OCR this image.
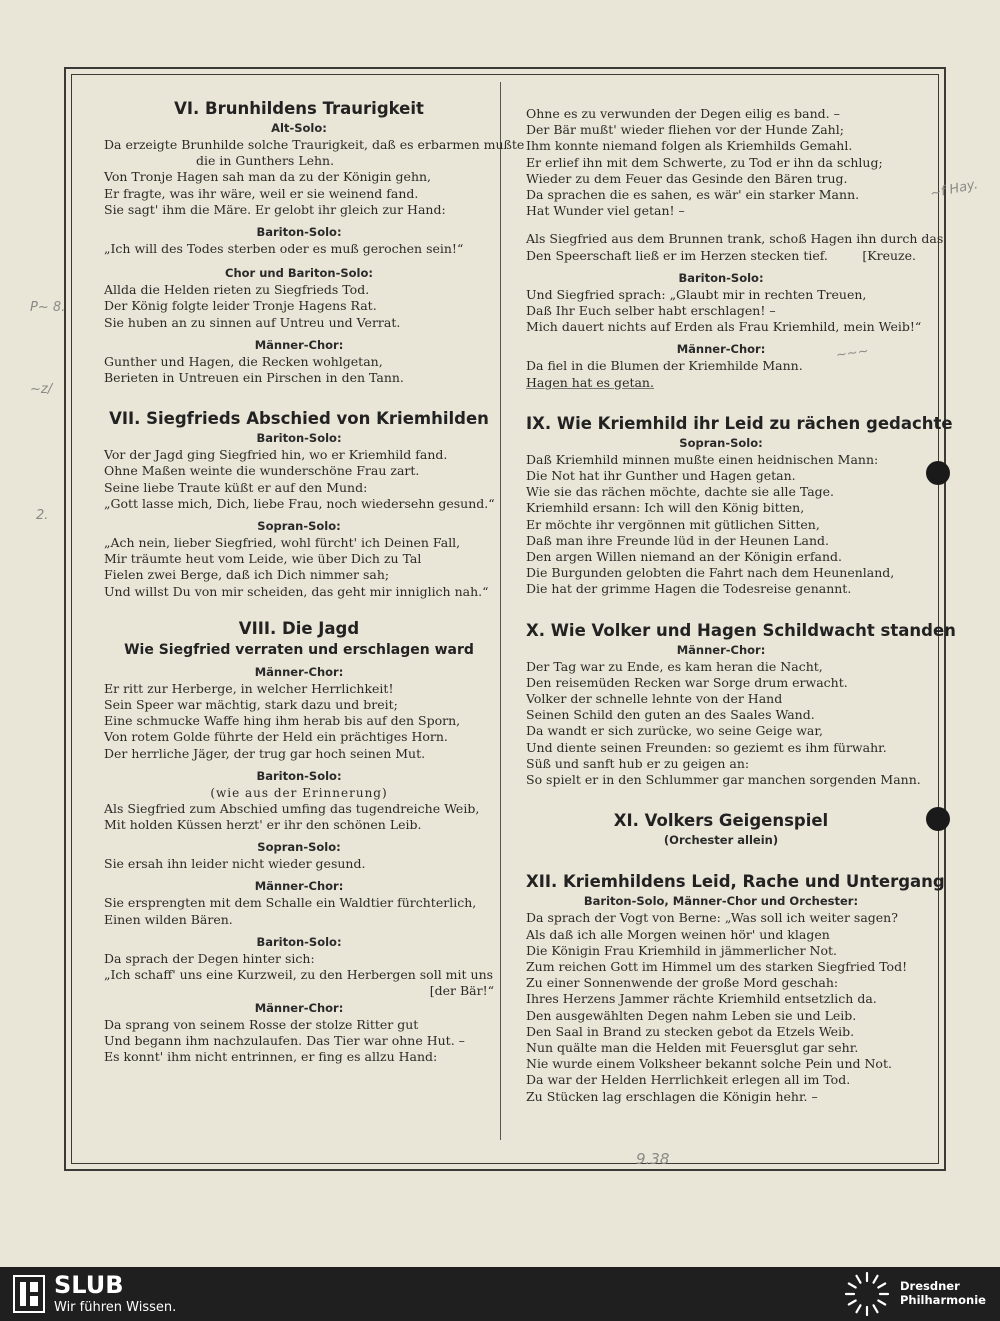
P~ 8.
~z/
2.
~f Hay.
~~~
9.38
VI. Brunhildens Traurigkeit
Alt-Solo:
Da erzeigte Brunhilde solche Traurigkeit, daß es erbarmen mußte
die in Gunthers Lehn.
Von Tronje Hagen sah man da zu der Königin gehn,
Er fragte, was ihr wäre, weil er sie weinend fand.
Sie sagt' ihm die Märe. Er gelobt ihr gleich zur Hand:
Bariton-Solo:
„Ich will des Todes sterben oder es muß gerochen sein!“
Chor und Bariton-Solo:
Allda die Helden rieten zu Siegfrieds Tod.
Der König folgte leider Tronje Hagens Rat.
Sie huben an zu sinnen auf Untreu und Verrat.
Männer-Chor:
Gunther und Hagen, die Recken wohlgetan,
Berieten in Untreuen ein Pirschen in den Tann.
VII. Siegfrieds Abschied von Kriemhilden
Bariton-Solo:
Vor der Jagd ging Siegfried hin, wo er Kriemhild fand.
Ohne Maßen weinte die wunderschöne Frau zart.
Seine liebe Traute küßt er auf den Mund:
„Gott lasse mich, Dich, liebe Frau, noch wiedersehn gesund.“
Sopran-Solo:
„Ach nein, lieber Siegfried, wohl fürcht' ich Deinen Fall,
Mir träumte heut vom Leide, wie über Dich zu Tal
Fielen zwei Berge, daß ich Dich nimmer sah;
Und willst Du von mir scheiden, das geht mir inniglich nah.“
VIII. Die Jagd
Wie Siegfried verraten und erschlagen ward
Männer-Chor:
Er ritt zur Herberge, in welcher Herrlichkeit!
Sein Speer war mächtig, stark dazu und breit;
Eine schmucke Waffe hing ihm herab bis auf den Sporn,
Von rotem Golde führte der Held ein prächtiges Horn.
Der herrliche Jäger, der trug gar hoch seinen Mut.
Bariton-Solo:
(wie aus der Erinnerung)
Als Siegfried zum Abschied umfing das tugendreiche Weib,
Mit holden Küssen herzt' er ihr den schönen Leib.
Sopran-Solo:
Sie ersah ihn leider nicht wieder gesund.
Männer-Chor:
Sie ersprengten mit dem Schalle ein Waldtier fürchterlich,
Einen wilden Bären.
Bariton-Solo:
Da sprach der Degen hinter sich:
„Ich schaff' uns eine Kurzweil, zu den Herbergen soll mit uns
[der Bär!“
Männer-Chor:
Da sprang von seinem Rosse der stolze Ritter gut
Und begann ihm nachzulaufen. Das Tier war ohne Hut. –
Es konnt' ihm nicht entrinnen, er fing es allzu Hand:
Ohne es zu verwunden der Degen eilig es band. –
Der Bär mußt' wieder fliehen vor der Hunde Zahl;
Ihm konnte niemand folgen als Kriemhilds Gemahl.
Er erlief ihn mit dem Schwerte, zu Tod er ihn da schlug;
Wieder zu dem Feuer das Gesinde den Bären trug.
Da sprachen die es sahen, es wär' ein starker Mann.
Hat Wunder viel getan! –
Als Siegfried aus dem Brunnen trank, schoß Hagen ihn durch das
Den Speerschaft ließ er im Herzen stecken tief.	[Kreuze.
Bariton-Solo:
Und Siegfried sprach: „Glaubt mir in rechten Treuen,
Daß Ihr Euch selber habt erschlagen! –
Mich dauert nichts auf Erden als Frau Kriemhild, mein Weib!“
Männer-Chor:
Da fiel in die Blumen der Kriemhilde Mann.
Hagen hat es getan.
IX. Wie Kriemhild ihr Leid zu rächen gedachte
Sopran-Solo:
Daß Kriemhild minnen mußte einen heidnischen Mann:
Die Not hat ihr Gunther und Hagen getan.
Wie sie das rächen möchte, dachte sie alle Tage.
Kriemhild ersann: Ich will den König bitten,
Er möchte ihr vergönnen mit gütlichen Sitten,
Daß man ihre Freunde lüd in der Heunen Land.
Den argen Willen niemand an der Königin erfand.
Die Burgunden gelobten die Fahrt nach dem Heunenland,
Die hat der grimme Hagen die Todesreise genannt.
X. Wie Volker und Hagen Schildwacht standen
Männer-Chor:
Der Tag war zu Ende, es kam heran die Nacht,
Den reisemüden Recken war Sorge drum erwacht.
Volker der schnelle lehnte von der Hand
Seinen Schild den guten an des Saales Wand.
Da wandt er sich zurücke, wo seine Geige war,
Und diente seinen Freunden: so geziemt es ihm fürwahr.
Süß und sanft hub er zu geigen an:
So spielt er in den Schlummer gar manchen sorgenden Mann.
XI. Volkers Geigenspiel
(Orchester allein)
XII. Kriemhildens Leid, Rache und Untergang
Bariton-Solo, Männer-Chor und Orchester:
Da sprach der Vogt von Berne: „Was soll ich weiter sagen?
Als daß ich alle Morgen weinen hör' und klagen
Die Königin Frau Kriemhild in jämmerlicher Not.
Zum reichen Gott im Himmel um des starken Siegfried Tod!
Zu einer Sonnenwende der große Mord geschah:
Ihres Herzens Jammer rächte Kriemhild entsetzlich da.
Den ausgewählten Degen nahm Leben sie und Leib.
Den Saal in Brand zu stecken gebot da Etzels Weib.
Nun quälte man die Helden mit Feuersglut gar sehr.
Nie wurde einem Volksheer bekannt solche Pein und Not.
Da war der Helden Herrlichkeit erlegen all im Tod.
Zu Stücken lag erschlagen die Königin hehr. –
SLUB
Wir führen Wissen.
Dresdner
Philharmonie
